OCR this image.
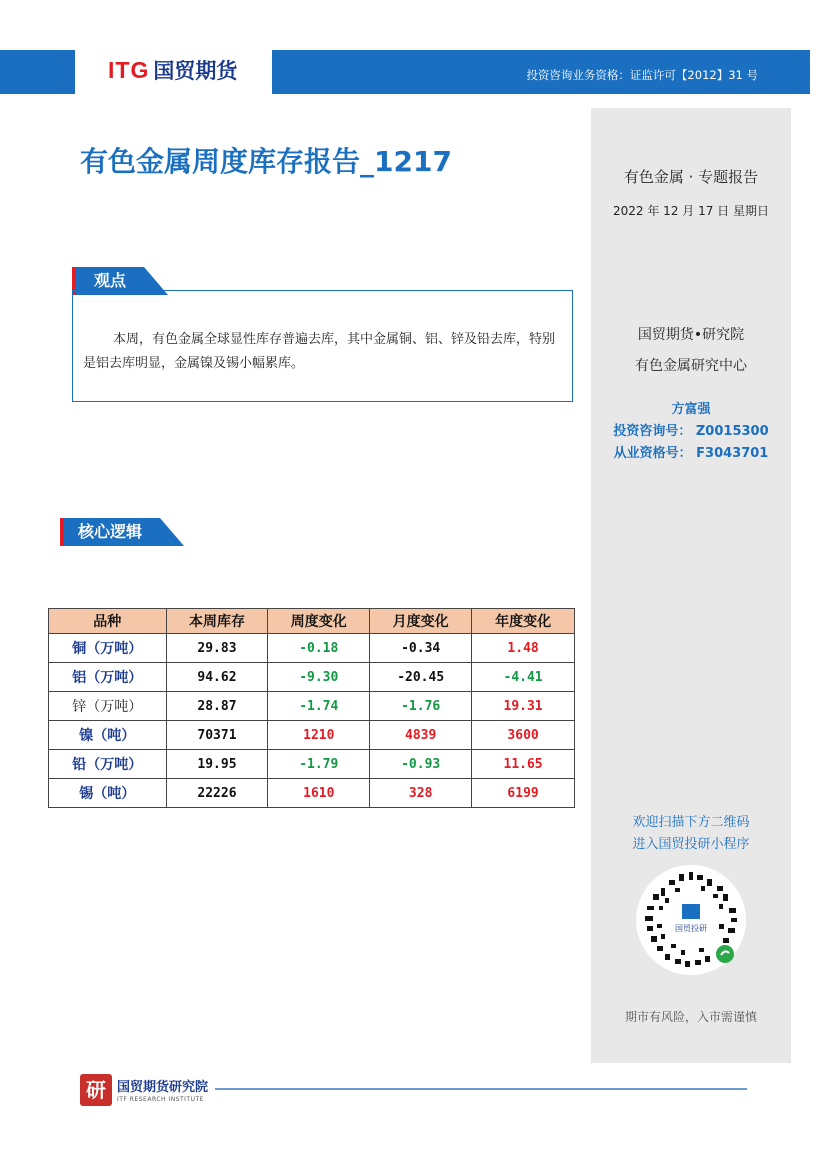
ITG 国贸期货	投资咨询业务资格：证监许可【2012】31 号
有色金属 · 专题报告
2022 年 12 月 17 日 星期日
国贸期货•研究院
有色金属研究中心
方富强
投资咨询号： Z0015300
从业资格号： F3043701
欢迎扫描下方二维码
进入国贸投研小程序
国贸投研
期市有风险，入市需谨慎
有色金属周度库存报告_1217
观点
本周，有色金属全球显性库存普遍去库，其中金属铜、铝、锌及铅去库，特别是铝去库明显，金属镍及锡小幅累库。
核心逻辑
品种	本周库存	周度变化	月度变化	年度变化
铜（万吨）	29.83	-0.18	-0.34	1.48
铝（万吨）	94.62	-9.30	-20.45	-4.41
锌（万吨）	28.87	-1.74	-1.76	19.31
镍（吨）	70371	1210	4839	3600
铅（万吨）	19.95	-1.79	-0.93	11.65
锡（吨）	22226	1610	328	6199
研 国贸期货研究院
ITF RESEARCH INSTITUTE
